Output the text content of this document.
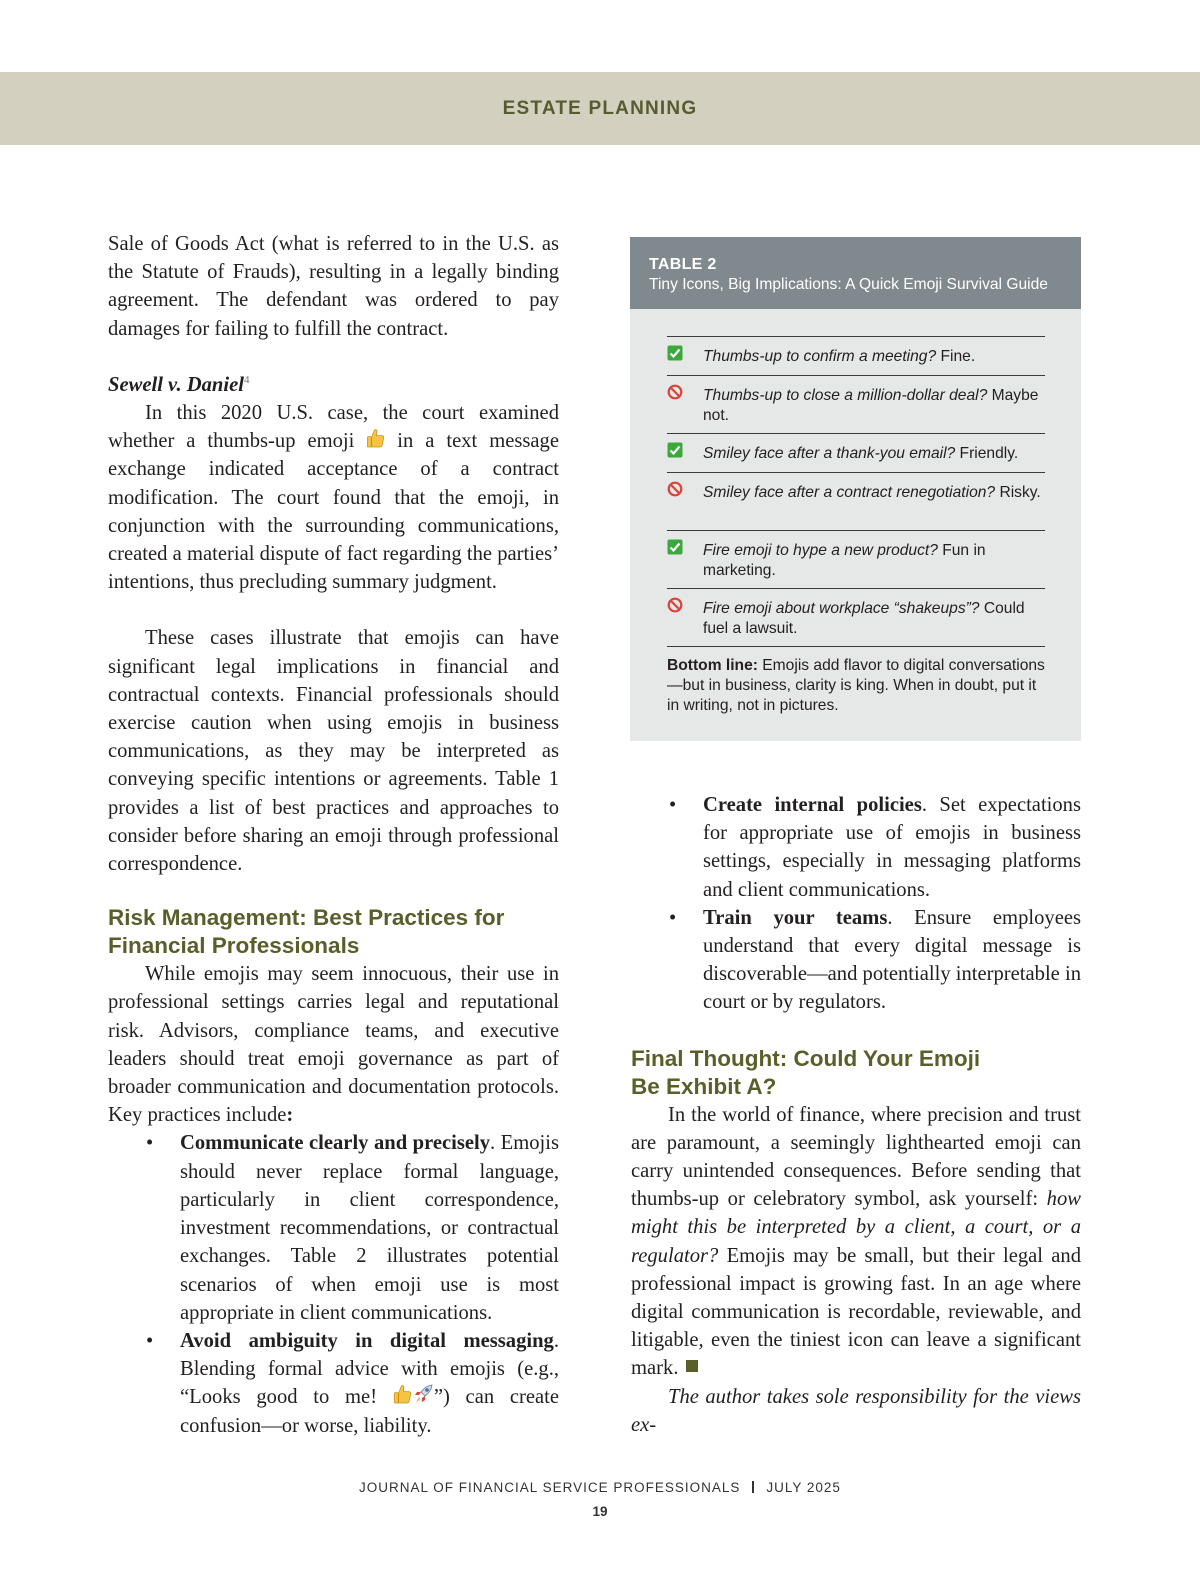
ESTATE PLANNING

Sale of Goods Act (what is referred to in the U.S. as the Statute of Frauds), resulting in a legally binding agreement. The defendant was ordered to pay damages for failing to fulfill the contract.

Sewell v. Daniel$^4$

In this 2020 U.S. case, the court examined whether a thumbs-up emoji in a text message exchange indicated acceptance of a contract modification. The court found that the emoji, in conjunction with the surrounding communications, created a material dispute of fact regarding the parties’ intentions, thus precluding summary judgment.

These cases illustrate that emojis can have significant legal implications in financial and contractual contexts. Financial professionals should exercise caution when using emojis in business communications, as they may be interpreted as conveying specific intentions or agreements. Table 1 provides a list of best practices and approaches to consider before sharing an emoji through professional correspondence.

Risk Management: Best Practices for
Financial Professionals

While emojis may seem innocuous, their use in professional settings carries legal and reputational risk. Advisors, compliance teams, and executive leaders should treat emoji governance as part of broader communication and documentation protocols. Key practices include:

• Communicate clearly and precisely. Emojis should never replace formal language, particularly in client correspondence, investment recommendations, or contractual exchanges. Table 2 illustrates potential scenarios of when emoji use is most appropriate in client communications.
• Avoid ambiguity in digital messaging. Blending formal advice with emojis (e.g., “Looks good to me!	”) can create confusion—or worse, liability.
TABLE 2
Tiny Icons, Big Implications: A Quick Emoji Survival Guide
Thumbs-up to confirm a meeting? Fine.
Thumbs-up to close a million-dollar deal? Maybe not.
Smiley face after a thank-you email? Friendly.
Smiley face after a contract renegotiation? Risky.
Fire emoji to hype a new product? Fun in marketing.
Fire emoji about workplace “shakeups”? Could fuel a lawsuit.
Bottom line: Emojis add flavor to digital conversations—but in business, clarity is king. When in doubt, put it in writing, not in pictures.
• Create internal policies. Set expectations for appropriate use of emojis in business settings, especially in messaging platforms and client communications.
• Train your teams. Ensure employees understand that every digital message is discoverable—and potentially interpretable in court or by regulators.
Final Thought: Could Your Emoji
Be Exhibit A?

In the world of finance, where precision and trust are paramount, a seemingly lighthearted emoji can carry unintended consequences. Before sending that thumbs-up or celebratory symbol, ask yourself: how might this be interpreted by a client, a court, or a regulator? Emojis may be small, but their legal and professional impact is growing fast. In an age where digital communication is recordable, reviewable, and litigable, even the tiniest icon can leave a significant mark.

The author takes sole responsibility for the views ex-

JOURNAL OF FINANCIAL SERVICE PROFESSIONALS JULY 2025
19
